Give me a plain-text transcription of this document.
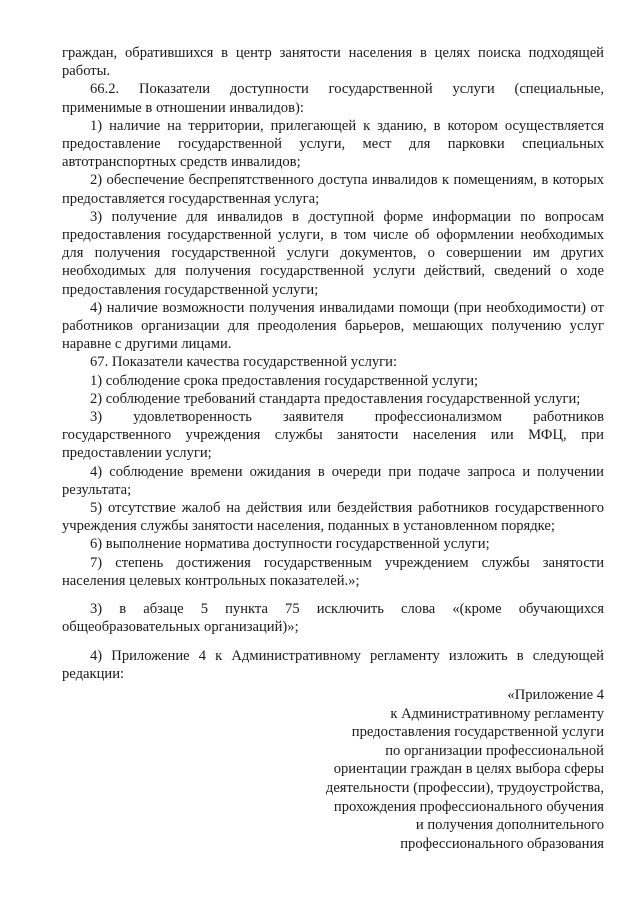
граждан, обратившихся в центр занятости населения в целях поиска подходящей работы.

66.2. Показатели доступности государственной услуги (специальные, применимые в отношении инвалидов):

1) наличие на территории, прилегающей к зданию, в котором осуществляется предоставление государственной услуги, мест для парковки специальных автотранспортных средств инвалидов;

2) обеспечение беспрепятственного доступа инвалидов к помещениям, в которых предоставляется государственная услуга;

3) получение для инвалидов в доступной форме информации по вопросам предоставления государственной услуги, в том числе об оформлении необходимых для получения государственной услуги документов, о совершении им других необходимых для получения государственной услуги действий, сведений о ходе предоставления государственной услуги;

4) наличие возможности получения инвалидами помощи (при необходимости) от работников организации для преодоления барьеров, мешающих получению услуг наравне с другими лицами.

67. Показатели качества государственной услуги:

1) соблюдение срока предоставления государственной услуги;

2) соблюдение требований стандарта предоставления государственной услуги;

3) удовлетворенность заявителя профессионализмом работников государственного учреждения службы занятости населения или МФЦ, при предоставлении услуги;

4) соблюдение времени ожидания в очереди при подаче запроса и получении результата;

5) отсутствие жалоб на действия или бездействия работников государственного учреждения службы занятости населения, поданных в установленном порядке;

6) выполнение норматива доступности государственной услуги;

7) степень достижения государственным учреждением службы занятости населения целевых контрольных показателей.»;

3) в абзаце 5 пункта 75 исключить слова «(кроме обучающихся общеобразовательных организаций)»;

4) Приложение 4 к Административному регламенту изложить в следующей редакции:

«Приложение 4
к Административному регламенту
предоставления государственной услуги
по организации профессиональной
ориентации граждан в целях выбора сферы
деятельности (профессии), трудоустройства,
прохождения профессионального обучения
и получения дополнительного
профессионального образования
